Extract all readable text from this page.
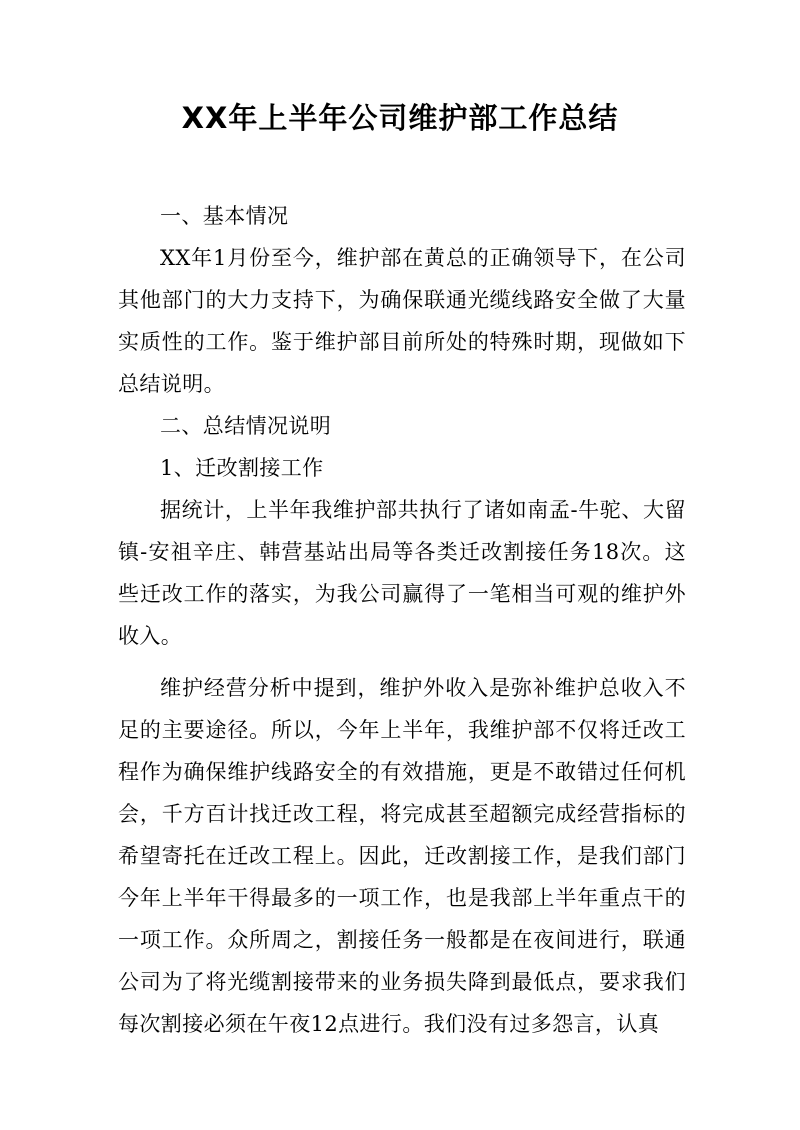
XX年上半年公司维护部工作总结

一、基本情况

XX年1月份至今，维护部在黄总的正确领导下，在公司其他部门的大力支持下，为确保联通光缆线路安全做了大量实质性的工作。鉴于维护部目前所处的特殊时期，现做如下总结说明。

二、总结情况说明

1、迁改割接工作

据统计，上半年我维护部共执行了诸如南孟-牛驼、大留镇-安祖辛庄、韩营基站出局等各类迁改割接任务18次。这些迁改工作的落实，为我公司赢得了一笔相当可观的维护外收入。

维护经营分析中提到，维护外收入是弥补维护总收入不足的主要途径。所以，今年上半年，我维护部不仅将迁改工程作为确保维护线路安全的有效措施，更是不敢错过任何机会，千方百计找迁改工程，将完成甚至超额完成经营指标的希望寄托在迁改工程上。因此，迁改割接工作，是我们部门今年上半年干得最多的一项工作，也是我部上半年重点干的一项工作。众所周之，割接任务一般都是在夜间进行，联通公司为了将光缆割接带来的业务损失降到最低点，要求我们每次割接必须在午夜12点进行。我们没有过多怨言，认真
